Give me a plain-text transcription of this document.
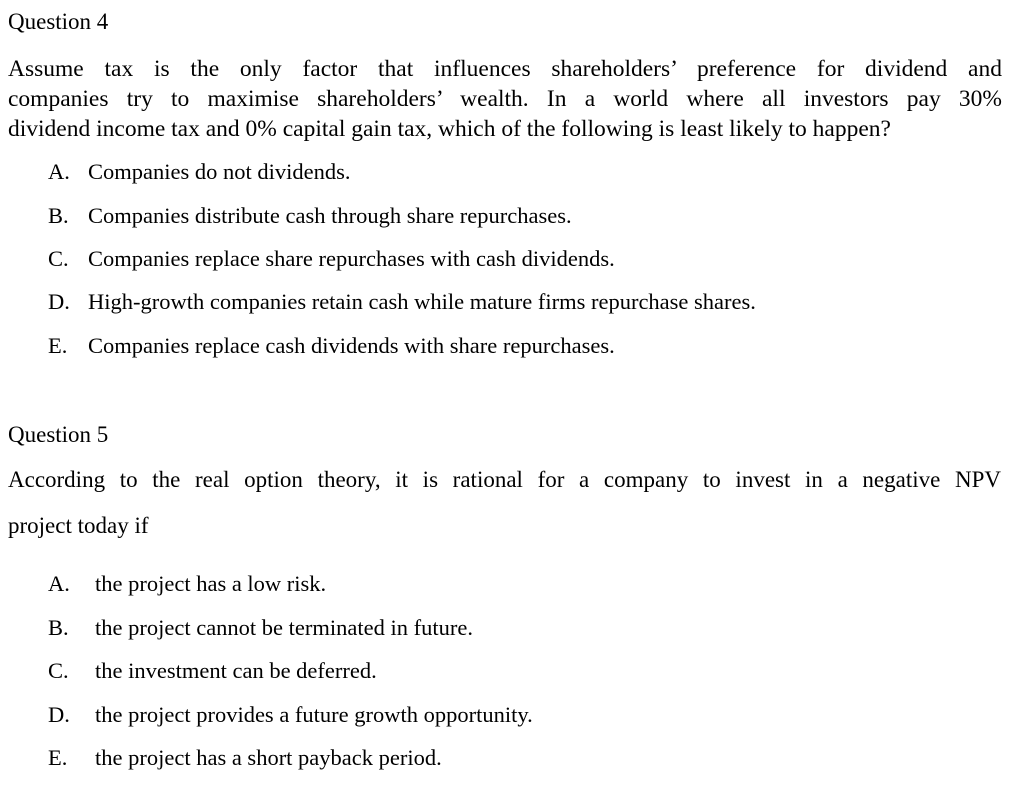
Question 4
Assume tax is the only factor that influences shareholders’ preference for dividend and
companies try to maximise shareholders’ wealth. In a world where all investors pay 30%
dividend income tax and 0% capital gain tax, which of the following is least likely to happen?
A. Companies do not dividends.
B. Companies distribute cash through share repurchases.
C. Companies replace share repurchases with cash dividends.
D. High-growth companies retain cash while mature firms repurchase shares.
E. Companies replace cash dividends with share repurchases.
Question 5
According to the real option theory, it is rational for a company to invest in a negative NPV
project today if
A. the project has a low risk.
B. the project cannot be terminated in future.
C. the investment can be deferred.
D. the project provides a future growth opportunity.
E. the project has a short payback period.
